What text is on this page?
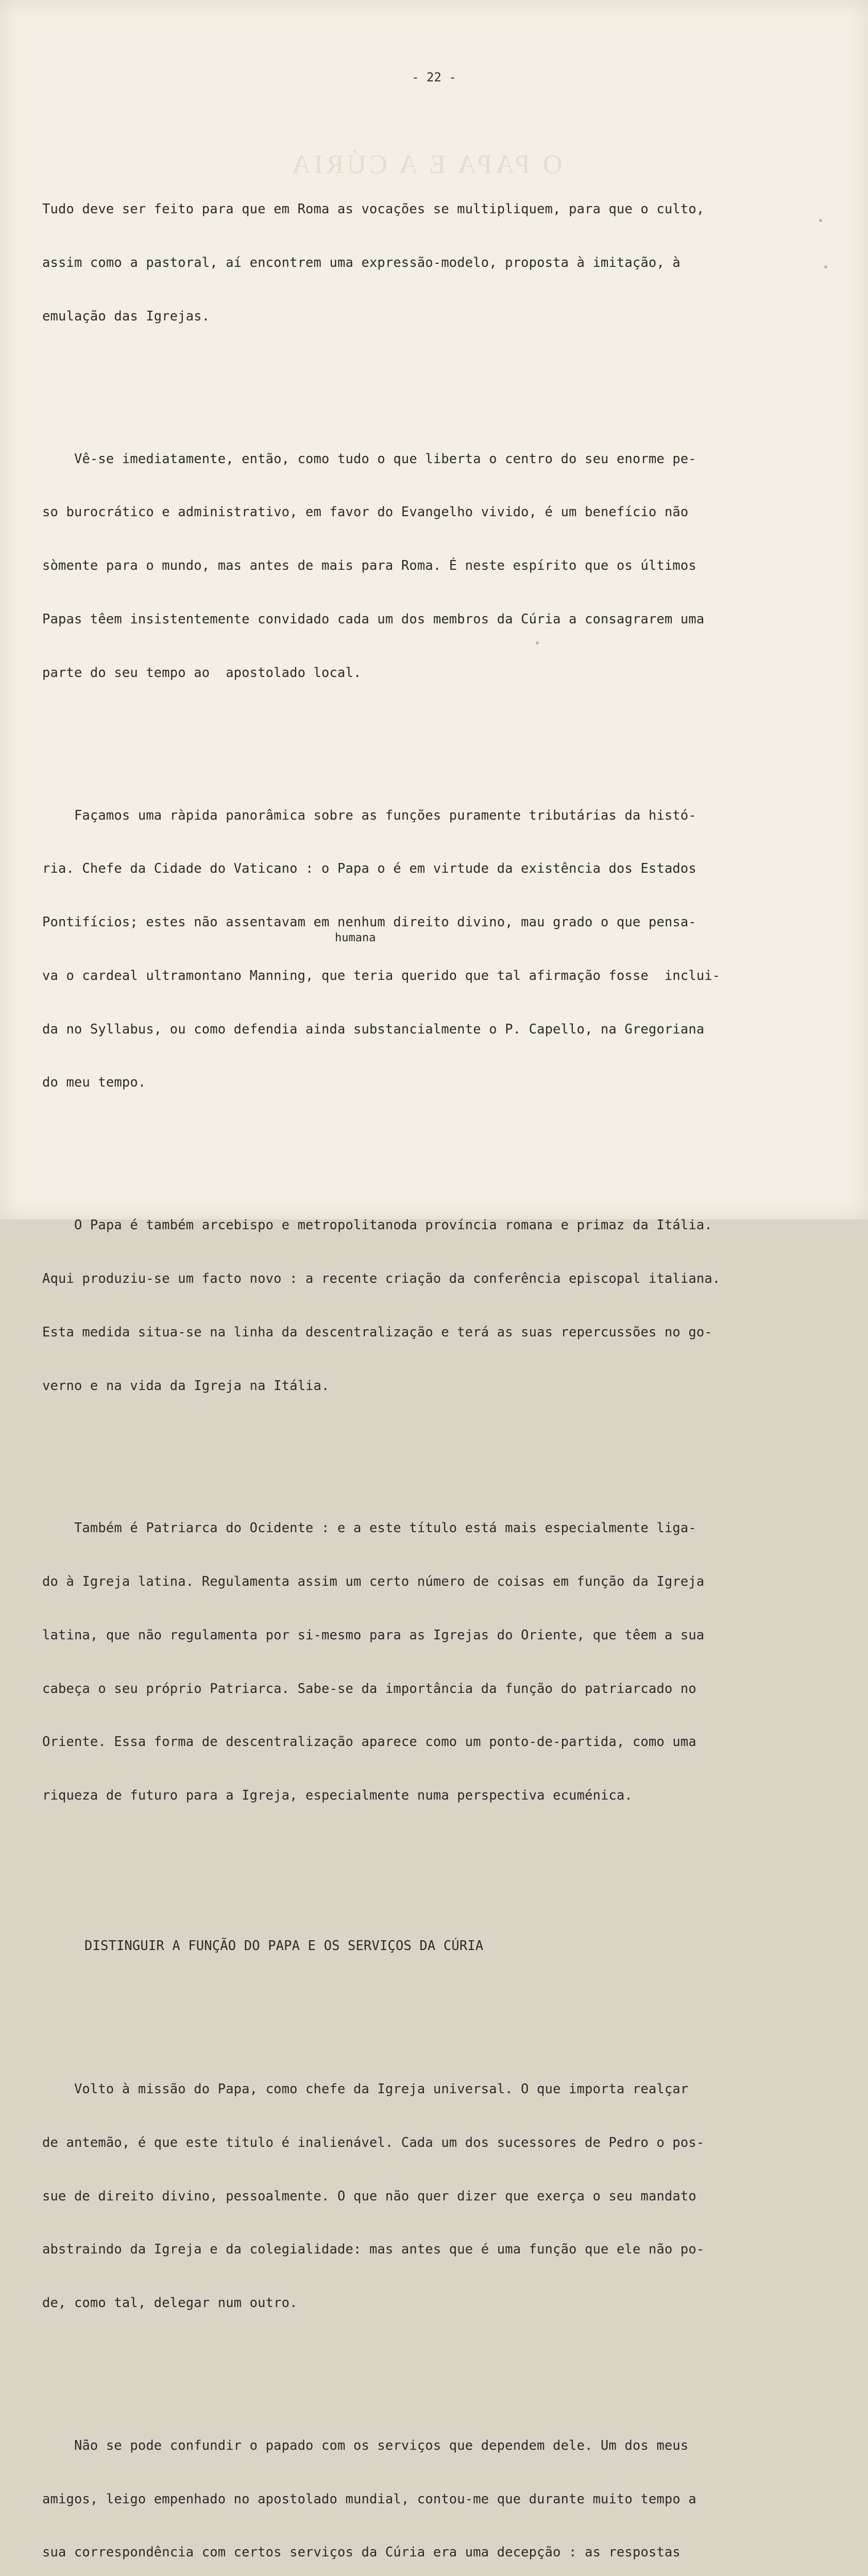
O PAPA E A CÚRIA
- 22 -

Tudo deve ser feito para que em Roma as vocações se multipliquem, para que o culto,

assim como a pastoral, aí encontrem uma expressão-modelo, proposta à imitação, à

emulação das Igrejas.

Vê-se imediatamente, então, como tudo o que liberta o centro do seu enorme pe-

so burocrático e administrativo, em favor do Evangelho vivido, é um benefício não

sòmente para o mundo, mas antes de mais para Roma. É neste espírito que os últimos

Papas têem insistentemente convidado cada um dos membros da Cúria a consagrarem uma

parte do seu tempo ao  apostolado local.

Façamos uma ràpida panorâmica sobre as funções puramente tributárias da histó-

ria. Chefe da Cidade do Vaticano : o Papa o é em virtude da existência dos Estados

Pontifícios; estes não assentavam em nenhum direito divino, mau grado o que pensa-

va o cardeal ultramontano Manning, que teria querido que tal afirmação fosse  inclui-

da no Syllabus, ou como defendia ainda substancialmente o P. Capello, na Gregoriana

do meu tempo.

O Papa é também arcebispo e metropolitanoda província romana e primaz da Itália.

Aqui produziu-se um facto novo : a recente criação da conferência episcopal italiana.

Esta medida situa-se na linha da descentralização e terá as suas repercussões no go-

verno e na vida da Igreja na Itália.

Também é Patriarca do Ocidente : e a este título está mais especialmente liga-

do à Igreja latina. Regulamenta assim um certo número de coisas em função da Igreja

latina, que não regulamenta por si-mesmo para as Igrejas do Oriente, que têem a sua

cabeça o seu próprio Patriarca. Sabe-se da importância da função do patriarcado no

Oriente. Essa forma de descentralização aparece como um ponto-de-partida, como uma

riqueza de futuro para a Igreja, especialmente numa perspectiva ecuménica.

DISTINGUIR A FUNÇÃO DO PAPA E OS SERVIÇOS DA CÚRIA

Volto à missão do Papa, como chefe da Igreja universal. O que importa realçar

de antemão, é que este titulo é inalienável. Cada um dos sucessores de Pedro o pos-

sue de direito divino, pessoalmente. O que não quer dizer que exerça o seu mandato

abstraindo da Igreja e da colegialidade: mas antes que é uma função que ele não po-

de, como tal, delegar num outro.

Não se pode confundir o papado com os serviços que dependem dele. Um dos meus

amigos, leigo empenhado no apostolado mundial, contou-me que durante muito tempo a

sua correspondência com certos serviços da Cúria era uma decepção : as respostas

humana
